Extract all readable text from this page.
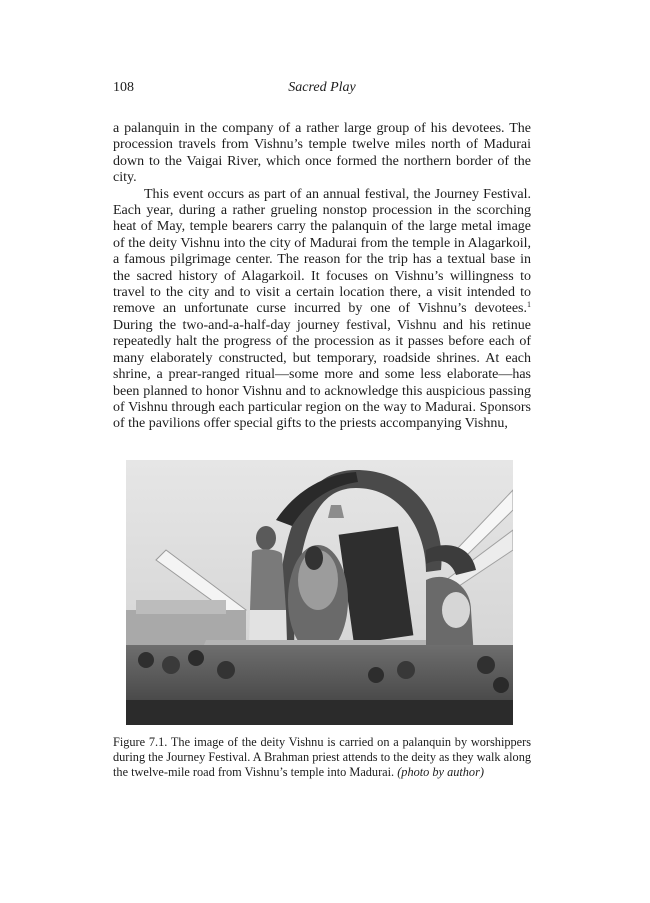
108	Sacred Play

a palanquin in the company of a rather large group of his devotees. The procession travels from Vishnu’s temple twelve miles north of Madurai down to the Vaigai River, which once formed the northern border of the city.

This event occurs as part of an annual festival, the Journey Festival. Each year, during a rather grueling nonstop procession in the scorching heat of May, temple bearers carry the palanquin of the large metal image of the deity Vishnu into the city of Madurai from the temple in Alagarkoil, a famous pilgrimage center. The reason for the trip has a textual base in the sacred history of Alagarkoil. It focuses on Vishnu’s willingness to travel to the city and to visit a certain location there, a visit intended to remove an unfortunate curse incurred by one of Vishnu’s devotees.$^1$ During the two-and-a-half-day journey festival, Vishnu and his retinue repeatedly halt the progress of the procession as it passes before each of many elaborately constructed, but temporary, roadside shrines. At each shrine, a prear-ranged ritual—some more and some less elaborate—has been planned to honor Vishnu and to acknowledge this auspicious passing of Vishnu through each particular region on the way to Madurai. Sponsors of the pavilions offer special gifts to the priests accompanying Vishnu,

Figure 7.1. The image of the deity Vishnu is carried on a palanquin by worshippers during the Journey Festival. A Brahman priest attends to the deity as they walk along the twelve-mile road from Vishnu’s temple into Madurai. (photo by author)
